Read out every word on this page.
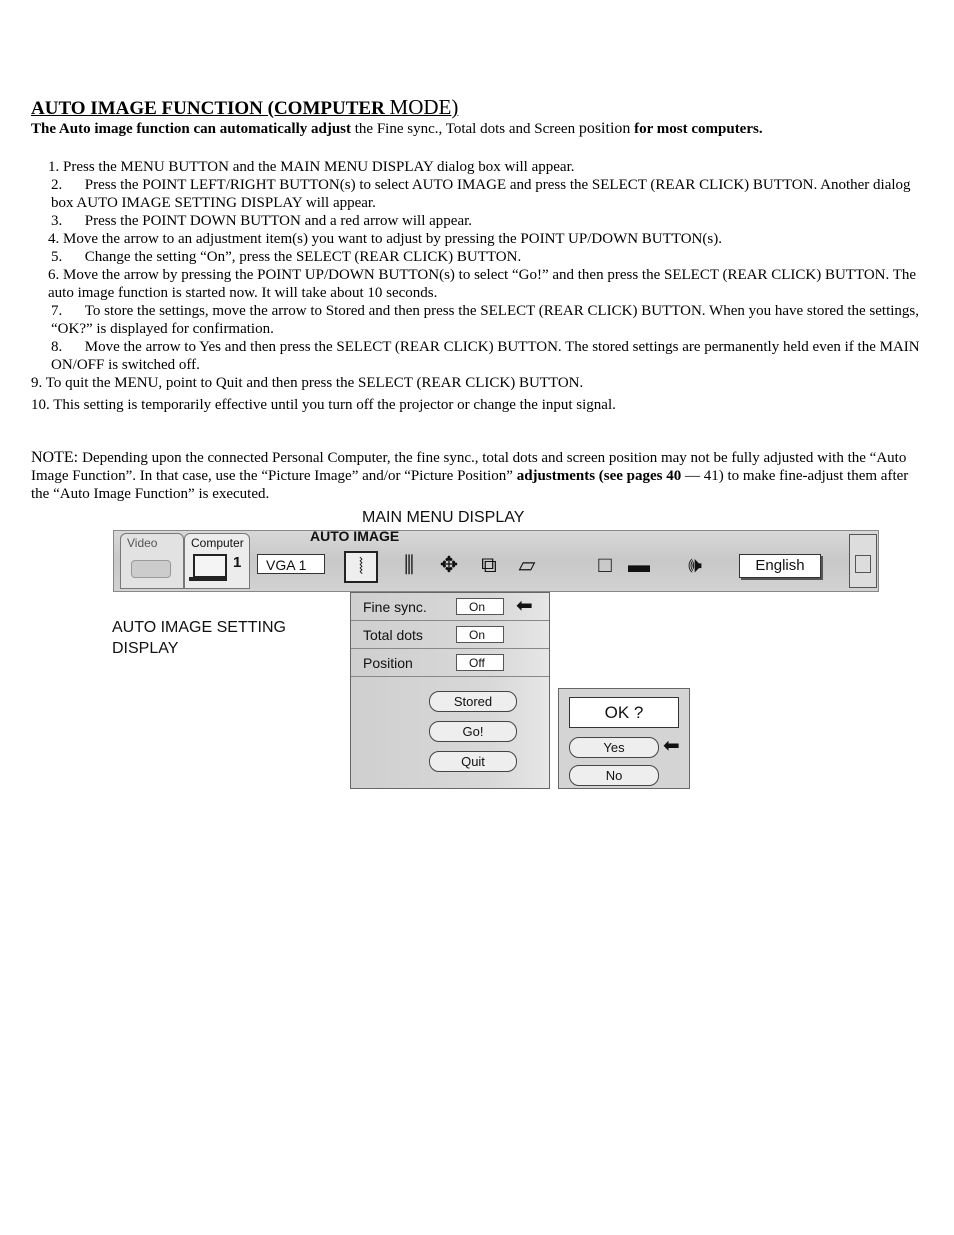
AUTO IMAGE FUNCTION (COMPUTER MODE)
The Auto image function can automatically adjust the Fine sync., Total dots and Screen position for most computers.
1. Press the MENU BUTTON and the MAIN MENU DISPLAY dialog box will appear.
2.      Press the POINT LEFT/RIGHT BUTTON(s) to select AUTO IMAGE and press the SELECT (REAR CLICK) BUTTON. Another dialog box AUTO IMAGE SETTING DISPLAY will appear.
3.      Press the POINT DOWN BUTTON and a red arrow will appear.
4. Move the arrow to an adjustment item(s) you want to adjust by pressing the POINT UP/DOWN BUTTON(s).
5.      Change the setting “On”, press the SELECT (REAR CLICK) BUTTON.
6. Move the arrow by pressing the POINT UP/DOWN BUTTON(s) to select “Go!” and then press the SELECT (REAR CLICK) BUTTON. The auto image function is started now. It will take about 10 seconds.
7.      To store the settings, move the arrow to Stored and then press the SELECT (REAR CLICK) BUTTON. When you have stored the settings, “OK?” is displayed for confirmation.
8.      Move the arrow to Yes and then press the SELECT (REAR CLICK) BUTTON. The stored settings are permanently held even if the MAIN ON/OFF is switched off.
9. To quit the MENU, point to Quit and then press the SELECT (REAR CLICK) BUTTON.
10. This setting is temporarily effective until you turn off the projector or change the input signal.
NOTE: Depending upon the connected Personal Computer, the fine sync., total dots and screen position may not be fully adjusted with the “Auto Image Function”. In that case, use the “Picture Image” and/or “Picture Position” adjustments (see pages 40 — 41) to make fine-adjust them after the “Auto Image Function” is executed.
MAIN MENU DISPLAY
Video	Computer
1
AUTO IMAGE
VGA 1	⦚	⫼	✥	⧉ ▱	□ ▬	🕪	English
AUTO IMAGE SETTING
DISPLAY
Fine sync.	On	⬅
Total dots	On
Position	Off
Stored
Go!
Quit
OK ?
Yes	⬅
No
